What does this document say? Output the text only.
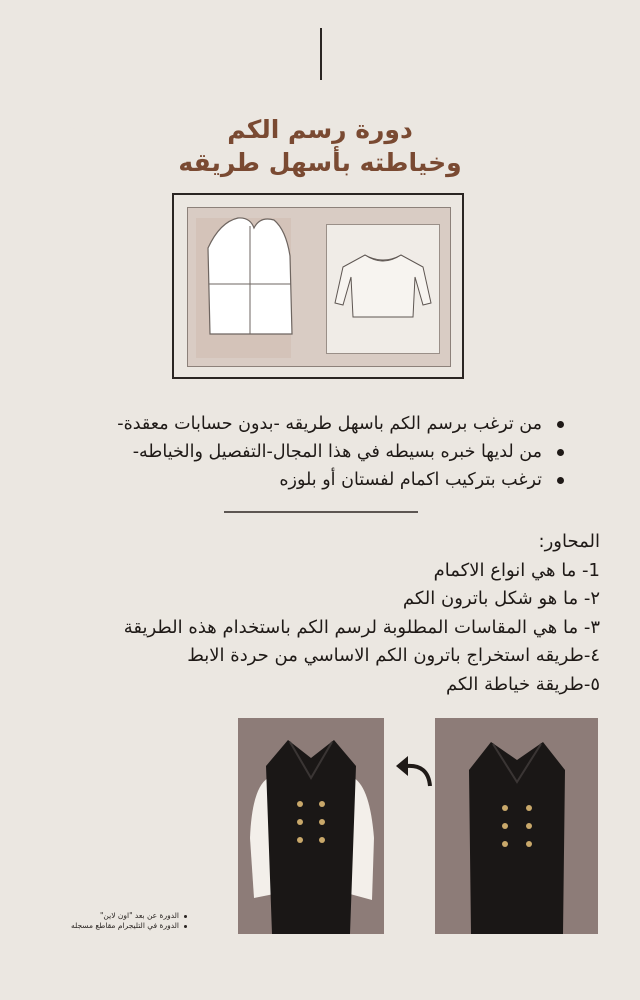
دورة رسم الكم
وخياطته بأسهل طريقه
من ترغب برسم الكم باسهل طريقه -بدون حسابات معقدة-
من لديها خبره بسيطه في هذا المجال-التفصيل والخياطه-
ترغب بتركيب اكمام لفستان أو بلوزه
المحاور:
1- ما هي انواع الاكمام
٢- ما هو شكل باترون الكم
٣- ما هي المقاسات المطلوبة لرسم الكم باستخدام هذه الطريقة
٤-طريقه استخراج باترون الكم الاساسي من حردة الابط
٥-طريقة خياطة الكم
الدورة عن بعد "اون لاين"
الدورة في التليجرام مقاطع مسجله
